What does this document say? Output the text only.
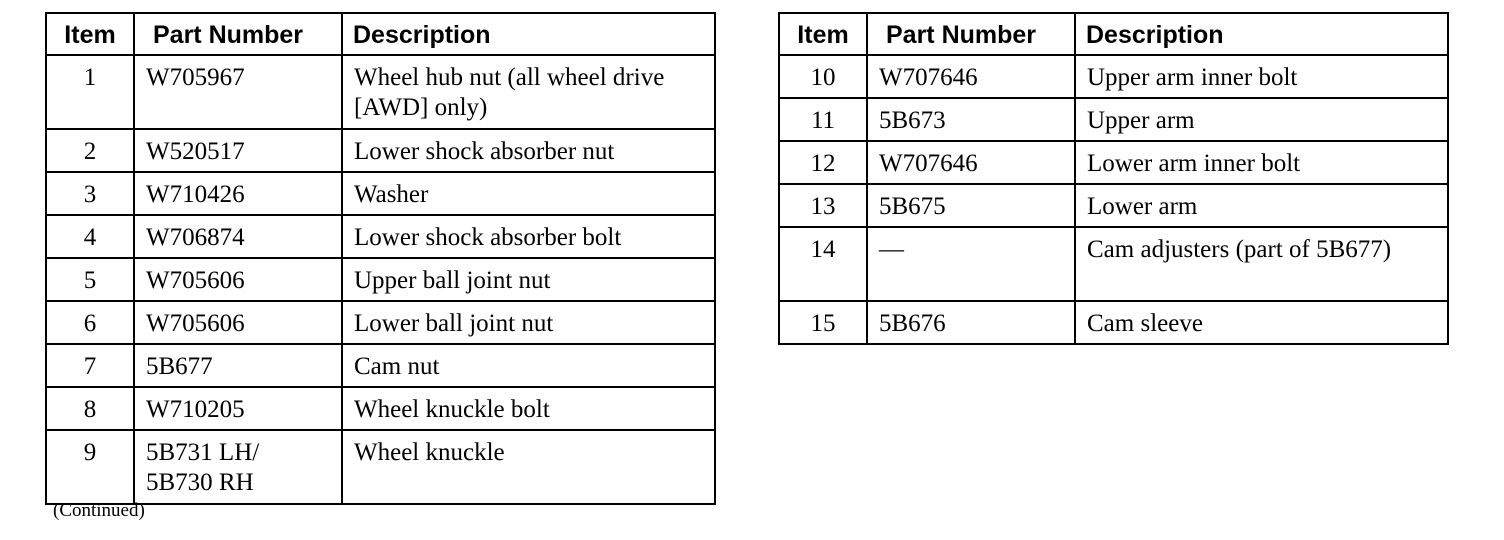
Item	Part Number	Description
1	W705967	Wheel hub nut (all wheel drive [AWD] only)
2	W520517	Lower shock absorber nut
3	W710426	Washer
4	W706874	Lower shock absorber bolt
5	W705606	Upper ball joint nut
6	W705606	Lower ball joint nut
7	5B677	Cam nut
8	W710205	Wheel knuckle bolt
9	5B731 LH/ 5B730 RH	Wheel knuckle
Item	Part Number	Description
10	W707646	Upper arm inner bolt
11	5B673	Upper arm
12	W707646	Lower arm inner bolt
13	5B675	Lower arm
14	—	Cam adjusters (part of 5B677)
15	5B676	Cam sleeve
(Continued)
